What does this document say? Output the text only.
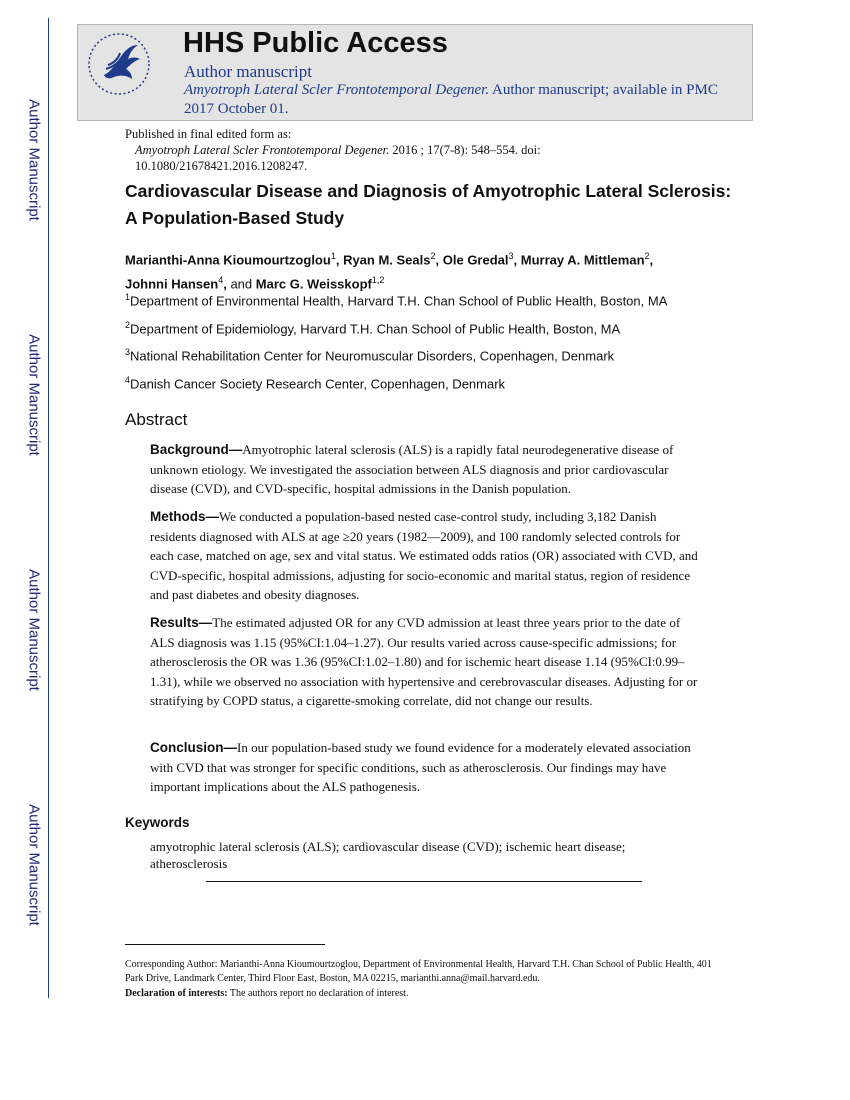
Author Manuscript
Author Manuscript
Author Manuscript
Author Manuscript
HHS Public Access
Author manuscript
Amyotroph Lateral Scler Frontotemporal Degener. Author manuscript; available in PMC 2017 October 01.
Published in final edited form as:
Amyotroph Lateral Scler Frontotemporal Degener. 2016 ; 17(7-8): 548–554. doi:
10.1080/21678421.2016.1208247.
Cardiovascular Disease and Diagnosis of Amyotrophic Lateral Sclerosis: A Population-Based Study
Marianthi-Anna Kioumourtzoglou$^1$, Ryan M. Seals$^2$, Ole Gredal$^3$, Murray A. Mittleman$^2$,
Johnni Hansen$^4$, and Marc G. Weisskopf$^{1,2}$
$^1$Department of Environmental Health, Harvard T.H. Chan School of Public Health, Boston, MA
$^2$Department of Epidemiology, Harvard T.H. Chan School of Public Health, Boston, MA
$^3$National Rehabilitation Center for Neuromuscular Disorders, Copenhagen, Denmark
$^4$Danish Cancer Society Research Center, Copenhagen, Denmark
Abstract
Background—Amyotrophic lateral sclerosis (ALS) is a rapidly fatal neurodegenerative disease of unknown etiology. We investigated the association between ALS diagnosis and prior cardiovascular disease (CVD), and CVD-specific, hospital admissions in the Danish population.
Methods—We conducted a population-based nested case-control study, including 3,182 Danish residents diagnosed with ALS at age ≥20 years (1982—2009), and 100 randomly selected controls for each case, matched on age, sex and vital status. We estimated odds ratios (OR) associated with CVD, and CVD-specific, hospital admissions, adjusting for socio-economic and marital status, region of residence and past diabetes and obesity diagnoses.
Results—The estimated adjusted OR for any CVD admission at least three years prior to the date of ALS diagnosis was 1.15 (95%CI:1.04–1.27). Our results varied across cause-specific admissions; for atherosclerosis the OR was 1.36 (95%CI:1.02–1.80) and for ischemic heart disease 1.14 (95%CI:0.99–1.31), while we observed no association with hypertensive and cerebrovascular diseases. Adjusting for or stratifying by COPD status, a cigarette-smoking correlate, did not change our results.
Conclusion—In our population-based study we found evidence for a moderately elevated association with CVD that was stronger for specific conditions, such as atherosclerosis. Our findings may have important implications about the ALS pathogenesis.
Keywords
amyotrophic lateral sclerosis (ALS); cardiovascular disease (CVD); ischemic heart disease; atherosclerosis
Corresponding Author: Marianthi-Anna Kioumourtzoglou, Department of Environmental Health, Harvard T.H. Chan School of Public Health, 401 Park Drive, Landmark Center, Third Floor East, Boston, MA 02215, marianthi.anna@mail.harvard.edu.
Declaration of interests: The authors report no declaration of interest.
